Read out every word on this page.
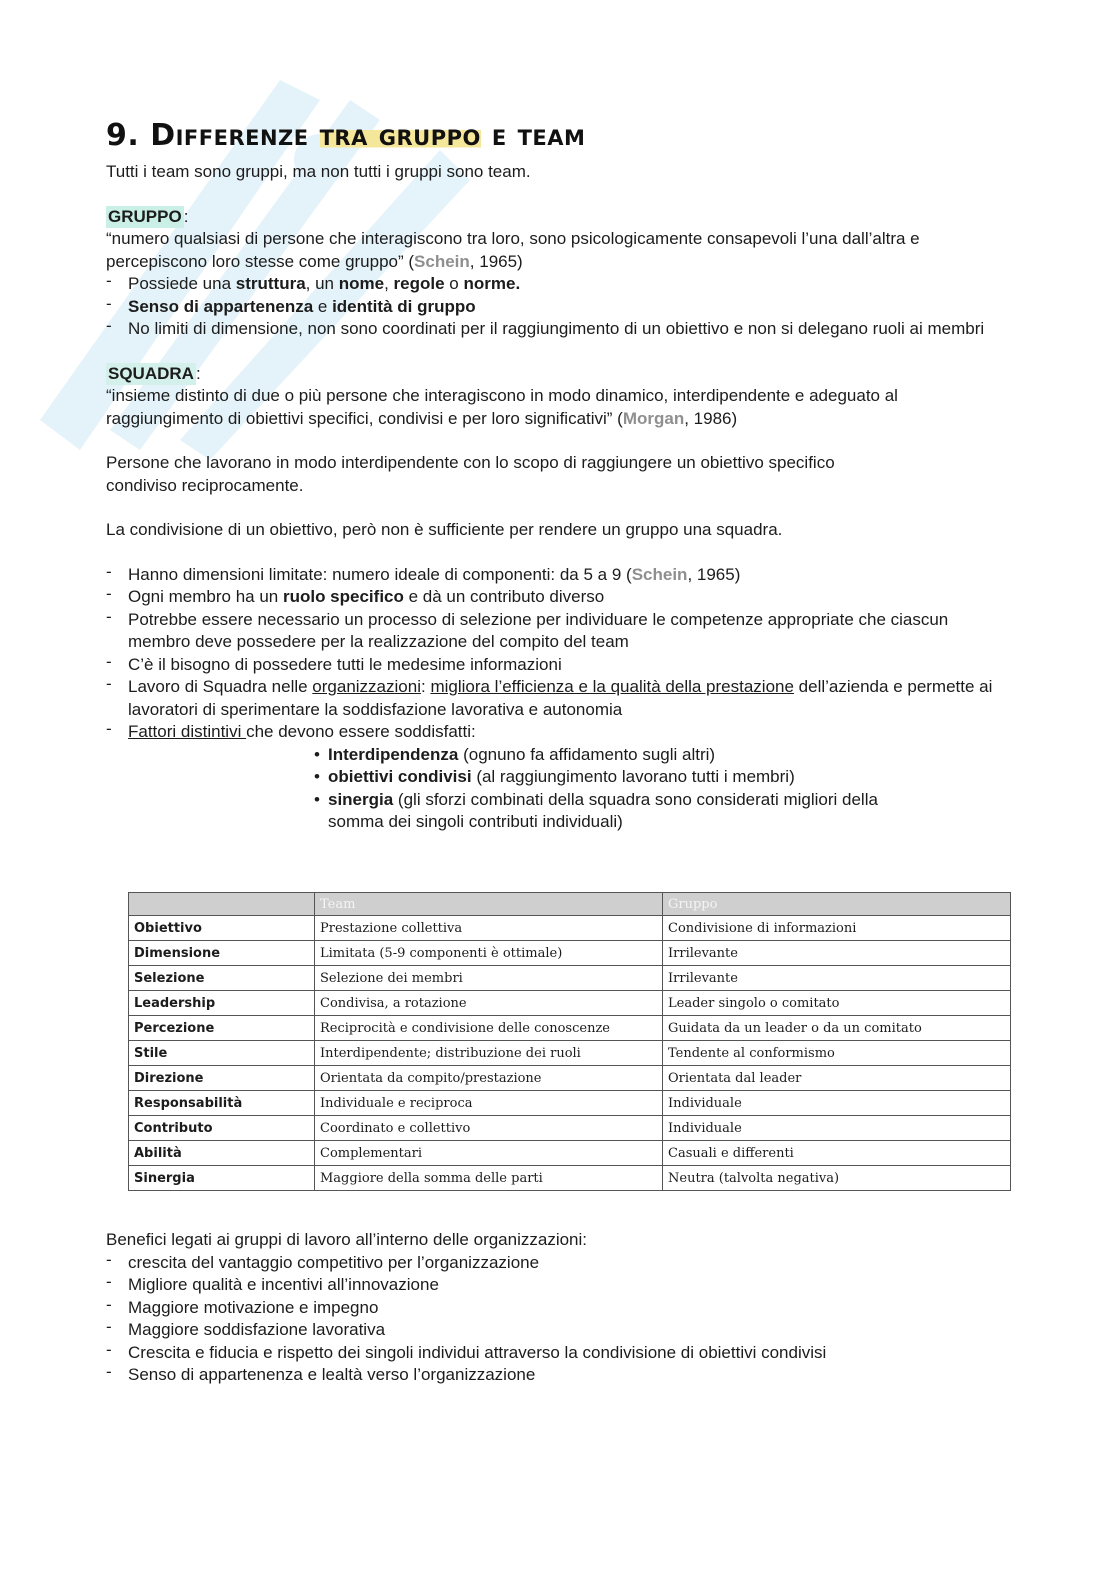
9. Differenze tra gruppo e team

Tutti i team sono gruppi, ma non tutti i gruppi sono team.

GRUPPO :

“numero qualsiasi di persone che interagiscono tra loro, sono psicologicamente consapevoli l’una dall’altra e percepiscono loro stesse come gruppo” (Schein, 1965)

- Possiede una struttura, un nome, regole o norme.
- Senso di appartenenza e identità di gruppo
- No limiti di dimensione, non sono coordinati per il raggiungimento di un obiettivo e non si delegano ruoli ai membri

SQUADRA :

“insieme distinto di due o più persone che interagiscono in modo dinamico, interdipendente e adeguato al raggiungimento di obiettivi specifici, condivisi e per loro significativi” (Morgan, 1986)

Persone che lavorano in modo interdipendente con lo scopo di raggiungere un obiettivo specifico condiviso reciprocamente.

La condivisione di un obiettivo, però non è sufficiente per rendere un gruppo una squadra.

- Hanno dimensioni limitate: numero ideale di componenti: da 5 a 9 (Schein, 1965)
- Ogni membro ha un ruolo specifico e dà un contributo diverso
- Potrebbe essere necessario un processo di selezione per individuare le competenze appropriate che ciascun membro deve possedere per la realizzazione del compito del team
- C’è il bisogno di possedere tutti le medesime informazioni
- Lavoro di Squadra nelle organizzazioni: migliora l’efficienza e la qualità della prestazione dell’azienda e permette ai lavoratori di sperimentare la soddisfazione lavorativa e autonomia
- Fattori distintivi che devono essere soddisfatti:
• Interdipendenza (ognuno fa affidamento sugli altri)
• obiettivi condivisi (al raggiungimento lavorano tutti i membri)
• sinergia (gli sforzi combinati della squadra sono considerati migliori della somma dei singoli contributi individuali)
	Team	Gruppo
Obiettivo	Prestazione collettiva	Condivisione di informazioni
Dimensione	Limitata (5-9 componenti è ottimale)	Irrilevante
Selezione	Selezione dei membri	Irrilevante
Leadership	Condivisa, a rotazione	Leader singolo o comitato
Percezione	Reciprocità e condivisione delle conoscenze	Guidata da un leader o da un comitato
Stile	Interdipendente; distribuzione dei ruoli	Tendente al conformismo
Direzione	Orientata da compito/prestazione	Orientata dal leader
Responsabilità	Individuale e reciproca	Individuale
Contributo	Coordinato e collettivo	Individuale
Abilità	Complementari	Casuali e differenti
Sinergia	Maggiore della somma delle parti	Neutra (talvolta negativa)

Benefici legati ai gruppi di lavoro all’interno delle organizzazioni:

- crescita del vantaggio competitivo per l’organizzazione
- Migliore qualità e incentivi all’innovazione
- Maggiore motivazione e impegno
- Maggiore soddisfazione lavorativa
- Crescita e fiducia e rispetto dei singoli individui attraverso la condivisione di obiettivi condivisi
- Senso di appartenenza e lealtà verso l’organizzazione
